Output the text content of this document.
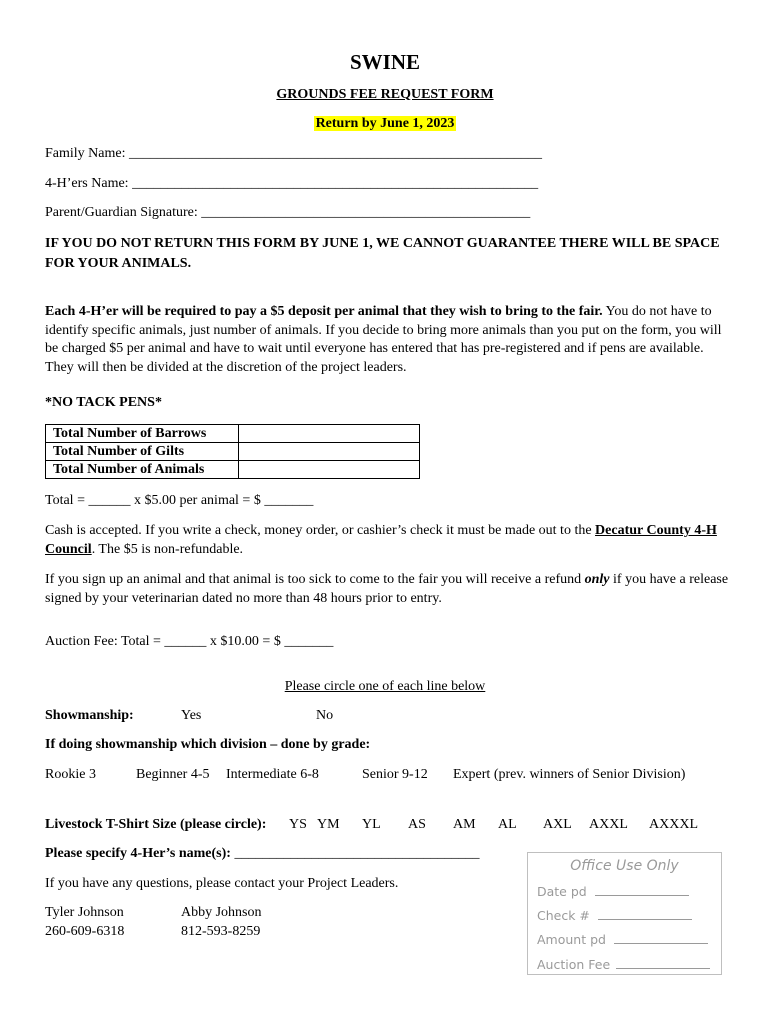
SWINE
GROUNDS FEE REQUEST FORM
Return by June 1, 2023
Family Name: ___________________________________________________________
4-H’ers Name: __________________________________________________________
Parent/Guardian Signature: _______________________________________________
IF YOU DO NOT RETURN THIS FORM BY JUNE 1, WE CANNOT GUARANTEE THERE WILL BE SPACE FOR YOUR ANIMALS.
Each 4-H’er will be required to pay a $5 deposit per animal that they wish to bring to the fair. You do not have to identify specific animals, just number of animals. If you decide to bring more animals than you put on the form, you will be charged $5 per animal and have to wait until everyone has entered that has pre-registered and if pens are available. They will then be divided at the discretion of the project leaders.
*NO TACK PENS*
Total Number of Barrows	
Total Number of Gilts	
Total Number of Animals	
Total = ______ x $5.00 per animal = $ _______
Cash is accepted. If you write a check, money order, or cashier’s check it must be made out to the Decatur County 4-H Council. The $5 is non-refundable.
If you sign up an animal and that animal is too sick to come to the fair you will receive a refund only if you have a release signed by your veterinarian dated no more than 48 hours prior to entry.
Auction Fee: Total = ______ x $10.00 = $ _______
Please circle one of each line below
Showmanship:	Yes	No
If doing showmanship which division – done by grade:
Rookie 3	Beginner 4-5 Intermediate 6-8	Senior 9-12 Expert (prev. winners of Senior Division)
Livestock T-Shirt Size (please circle): YS YM YL AS AM AL AXL AXXL AXXXL
Please specify 4-Her’s name(s): ___________________________________
If you have any questions, please contact your Project Leaders.
Tyler Johnson
260-609-6318
Abby Johnson
812-593-8259
Office Use Only
Date pd
Check #
Amount pd
Auction Fee
